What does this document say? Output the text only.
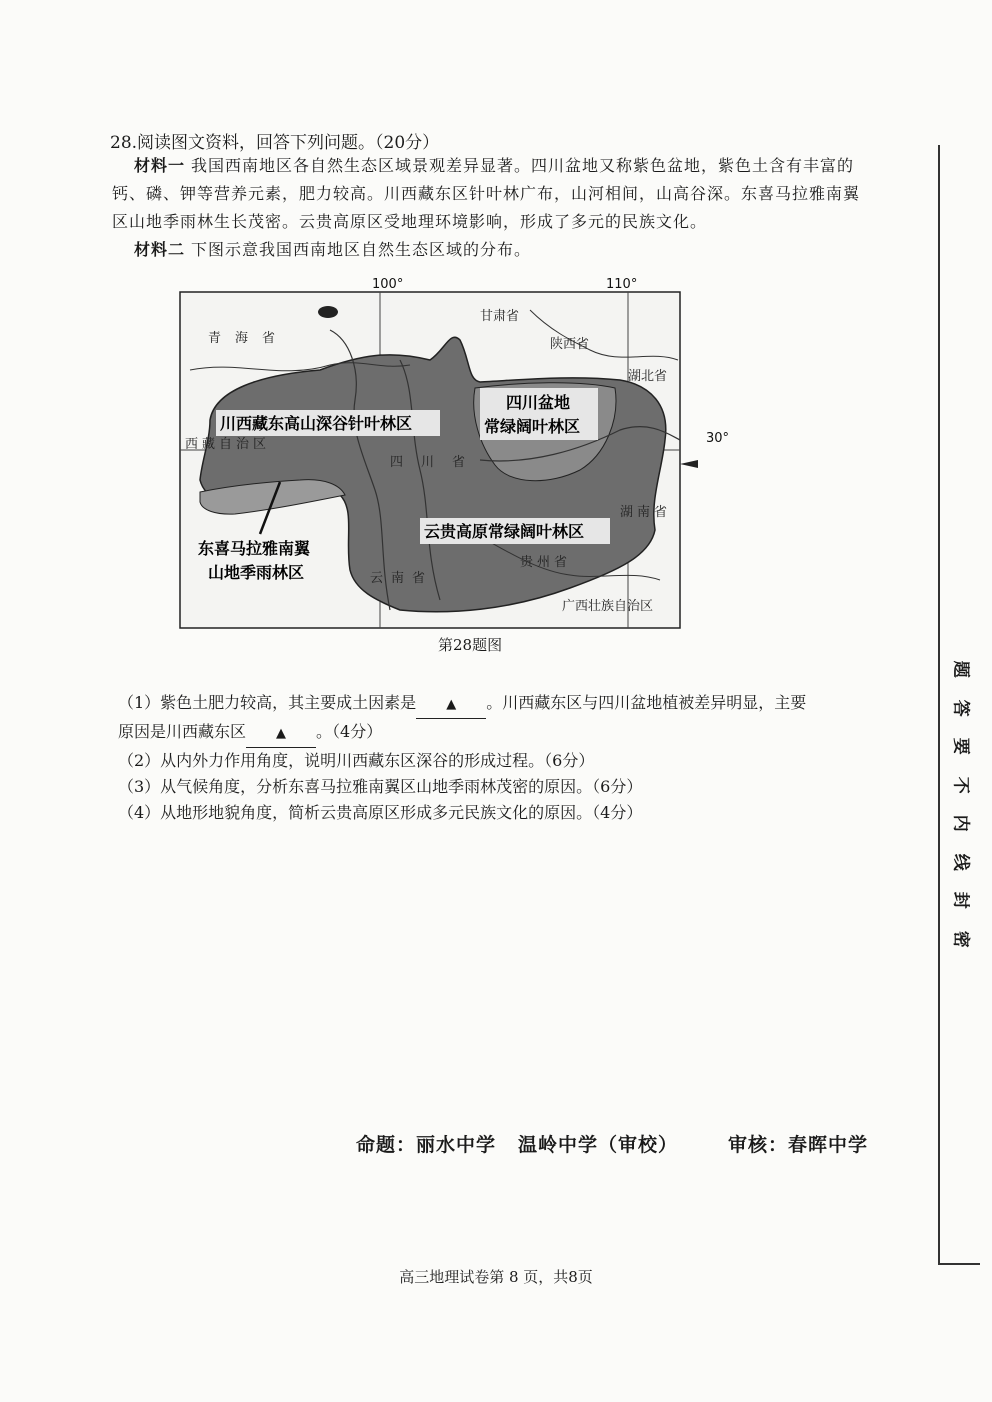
28.阅读图文资料，回答下列问题。（20分）
材料一 我国西南地区各自然生态区域景观差异显著。四川盆地又称紫色盆地，紫色土含有丰富的钙、磷、钾等营养元素，肥力较高。川西藏东区针叶林广布，山河相间，山高谷深。东喜马拉雅南翼区山地季雨林生长茂密。云贵高原区受地理环境影响，形成了多元的民族文化。
材料二 下图示意我国西南地区自然生态区域的分布。
甘肃省
青海省	陕西省
湖北省
西藏自治区
四川省
湖南省
贵州省
云南省
广西壮族自治区
川西藏东高山深谷针叶林区
四川盆地
常绿阔叶林区
云贵高原常绿阔叶林区
东喜马拉雅南翼
山地季雨林区
100°	110°
30°
第28题图
（1）紫色土肥力较高，其主要成土因素是 ▲ 。川西藏东区与四川盆地植被差异明显，主要
原因是川西藏东区 ▲ 。（4分）
（2）从内外力作用角度，说明川西藏东区深谷的形成过程。（6分）
（3）从气候角度，分析东喜马拉雅南翼区山地季雨林茂密的原因。（6分）
（4）从地形地貌角度，简析云贵高原区形成多元民族文化的原因。（4分）
命题：丽水中学 温岭中学（审校）	审核：春晖中学
高三地理试卷第 8 页，共8页
题
答
要
不
内
线
封
密
